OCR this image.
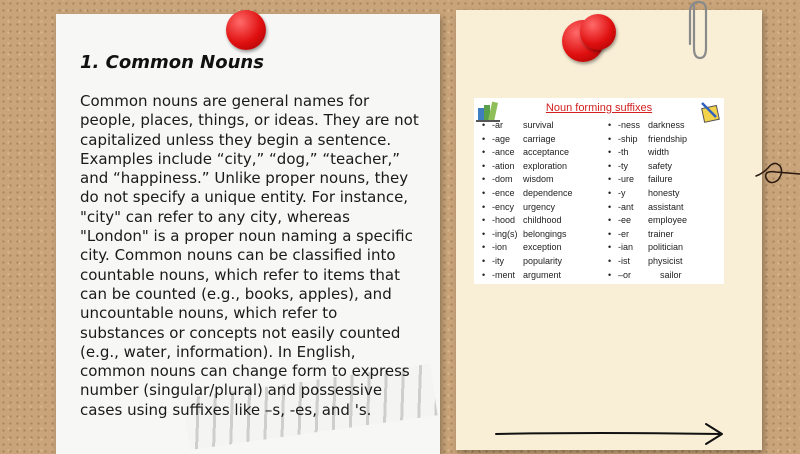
1. Common Nouns

Common nouns are general names for people, places, things, or ideas. They are not capitalized unless they begin a sentence. Examples include “city,” “dog,” “teacher,” and “happiness.” Unlike proper nouns, they do not specify a unique entity. For instance, "city" can refer to any city, whereas "London" is a proper noun naming a specific city. Common nouns can be classified into countable nouns, which refer to items that can be counted (e.g., books, apples), and uncountable nouns, which refer to substances or concepts not easily counted (e.g., water, information). In English, common nouns can change form to express number (singular/plural) and possessive cases using suffixes like –s, -es, and 's.

Noun forming suffixes
• -ar	survival
• -age	carriage
• -ance acceptance
• -ation exploration
• -dom	wisdom
• -ence dependence
• -ency urgency
• -hood childhood
• -ing(s) belongings
• -ion	exception
• -ity	popularity
• -ment argument
• -ness darkness
• -ship	friendship
• -th	width
• -ty	safety
• -ure	failure
• -y	honesty
• -ant	assistant
• -ee	employee
• -er	trainer
• -ian	politician
• -ist	physicist
• –or	sailor
